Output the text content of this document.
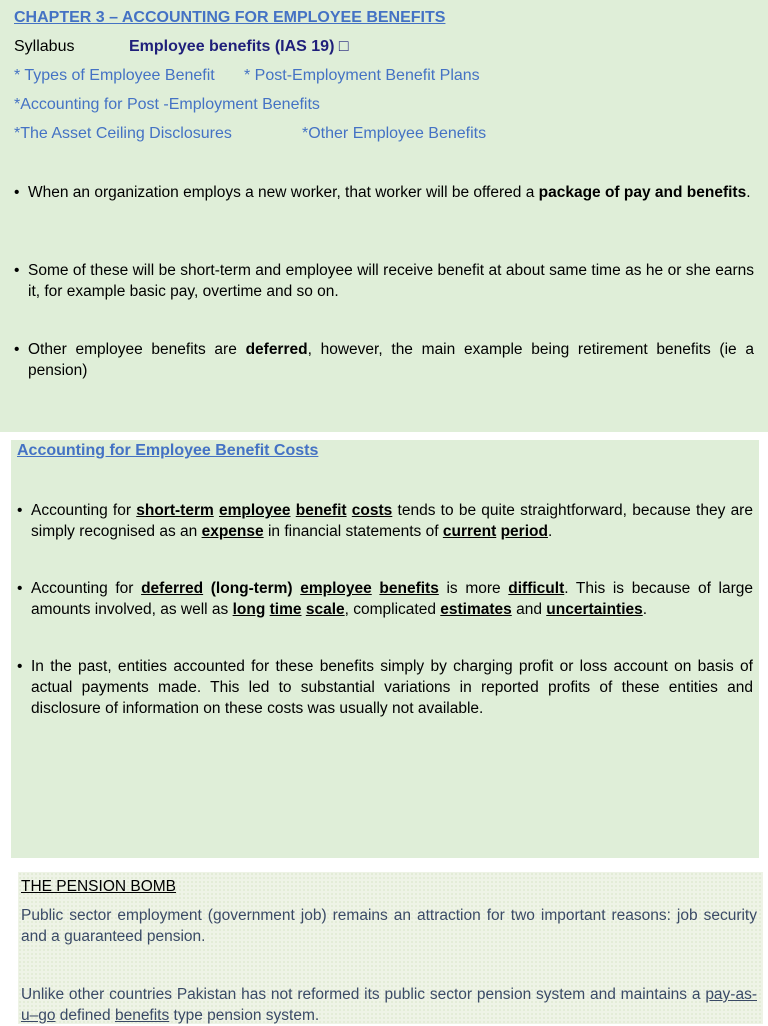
CHAPTER 3 – ACCOUNTING FOR EMPLOYEE BENEFITS
Syllabus	Employee benefits (IAS 19) □
* Types of Employee Benefit * Post-Employment Benefit Plans
*Accounting for Post -Employment Benefits
*The Asset Ceiling Disclosures	*Other Employee Benefits
• When an organization employs a new worker, that worker will be offered a package of pay and benefits.
• Some of these will be short-term and employee will receive benefit at about same time as he or she earns it, for example basic pay, overtime and so on.
• Other employee benefits are deferred, however, the main example being retirement benefits (ie a pension)
Accounting for Employee Benefit Costs
• Accounting for short-term employee benefit costs tends to be quite straightforward, because they are simply recognised as an expense in financial statements of current period.
• Accounting for deferred (long-term) employee benefits is more difficult. This is because of large amounts involved, as well as long time scale, complicated estimates and uncertainties.
• In the past, entities accounted for these benefits simply by charging profit or loss account on basis of actual payments made. This led to substantial variations in reported profits of these entities and disclosure of information on these costs was usually not available.
THE PENSION BOMB
Public sector employment (government job) remains an attraction for two important reasons: job security and a guaranteed pension.
Unlike other countries Pakistan has not reformed its public sector pension system and maintains a pay-as-u–go defined benefits type pension system.
